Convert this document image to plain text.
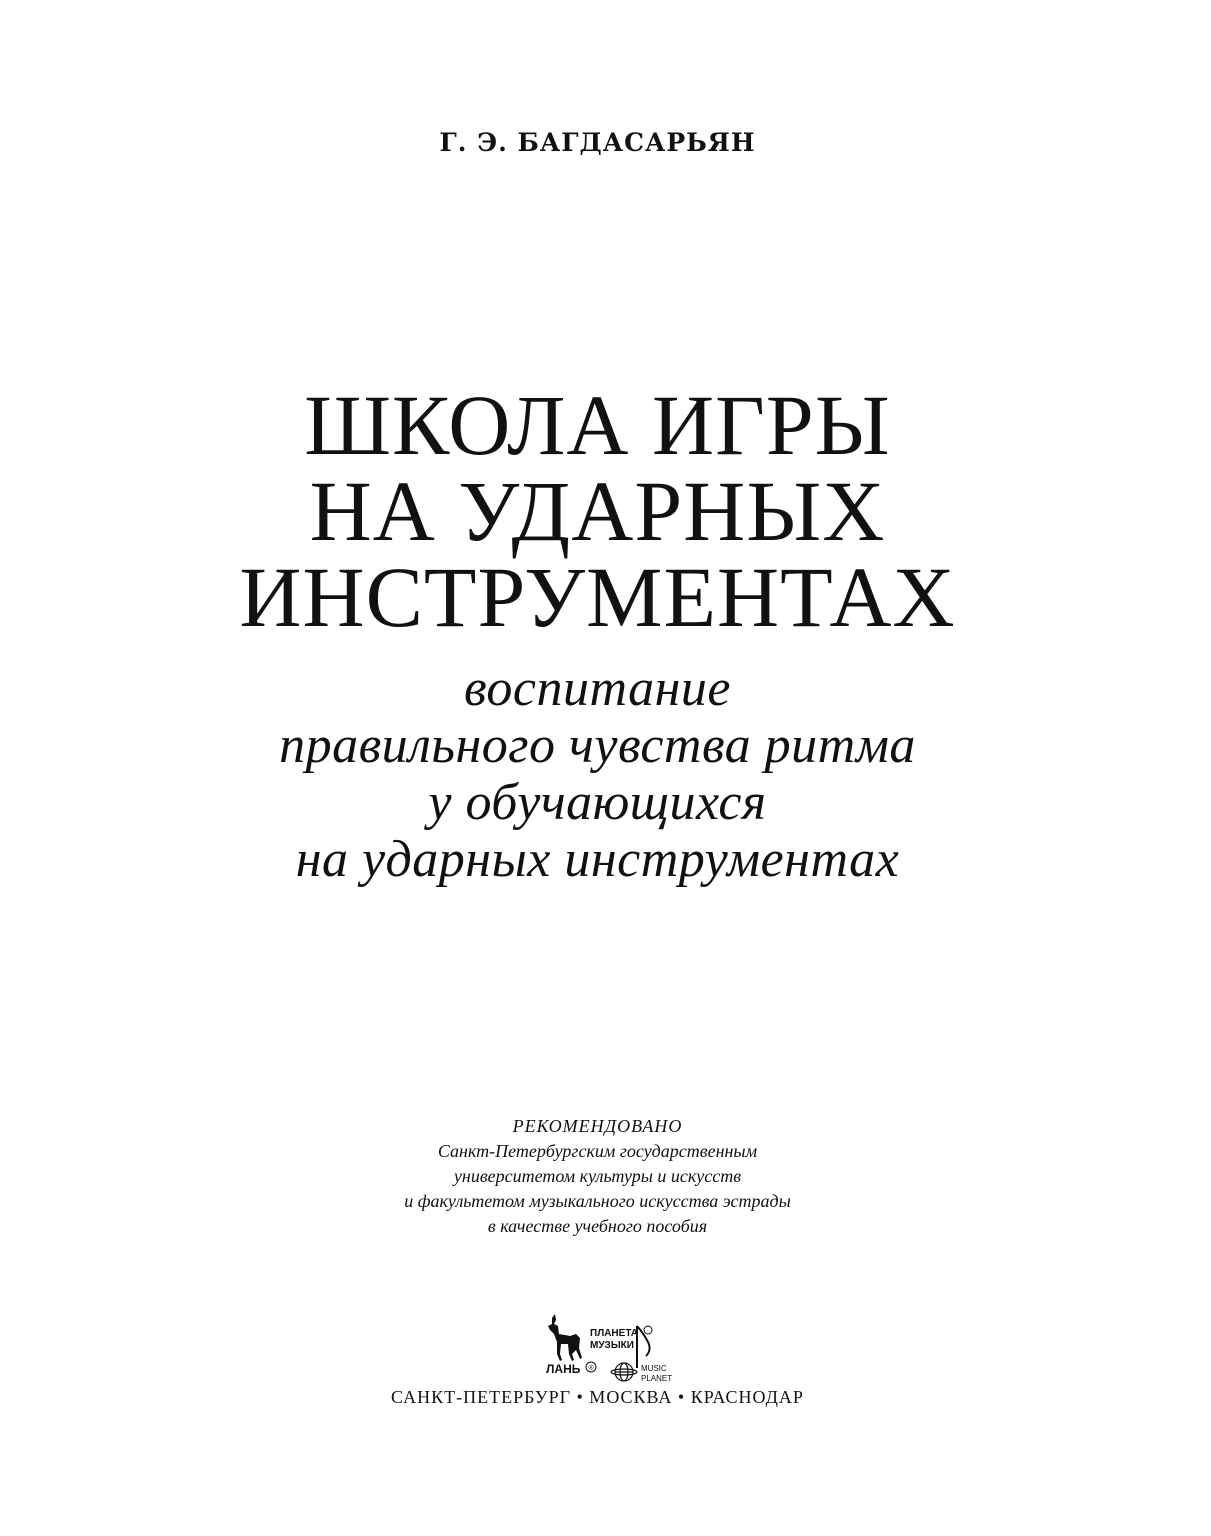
Г. Э. БАГДАСАРЬЯН
ШКОЛА ИГРЫ
НА УДАРНЫХ
ИНСТРУМЕНТАХ
воспитание
правильного чувства ритма
у обучающихся
на ударных инструментах
РЕКОМЕНДОВАНО
Санкт-Петербургским государственным
университетом культуры и искусств
и факультетом музыкального искусства эстрады
в качестве учебного пособия
ЛАНЬ ®
ПЛАНЕТА
МУЗЫКИ
MUSIC
PLANET
САНКТ-ПЕТЕРБУРГ • МОСКВА • КРАСНОДАР
